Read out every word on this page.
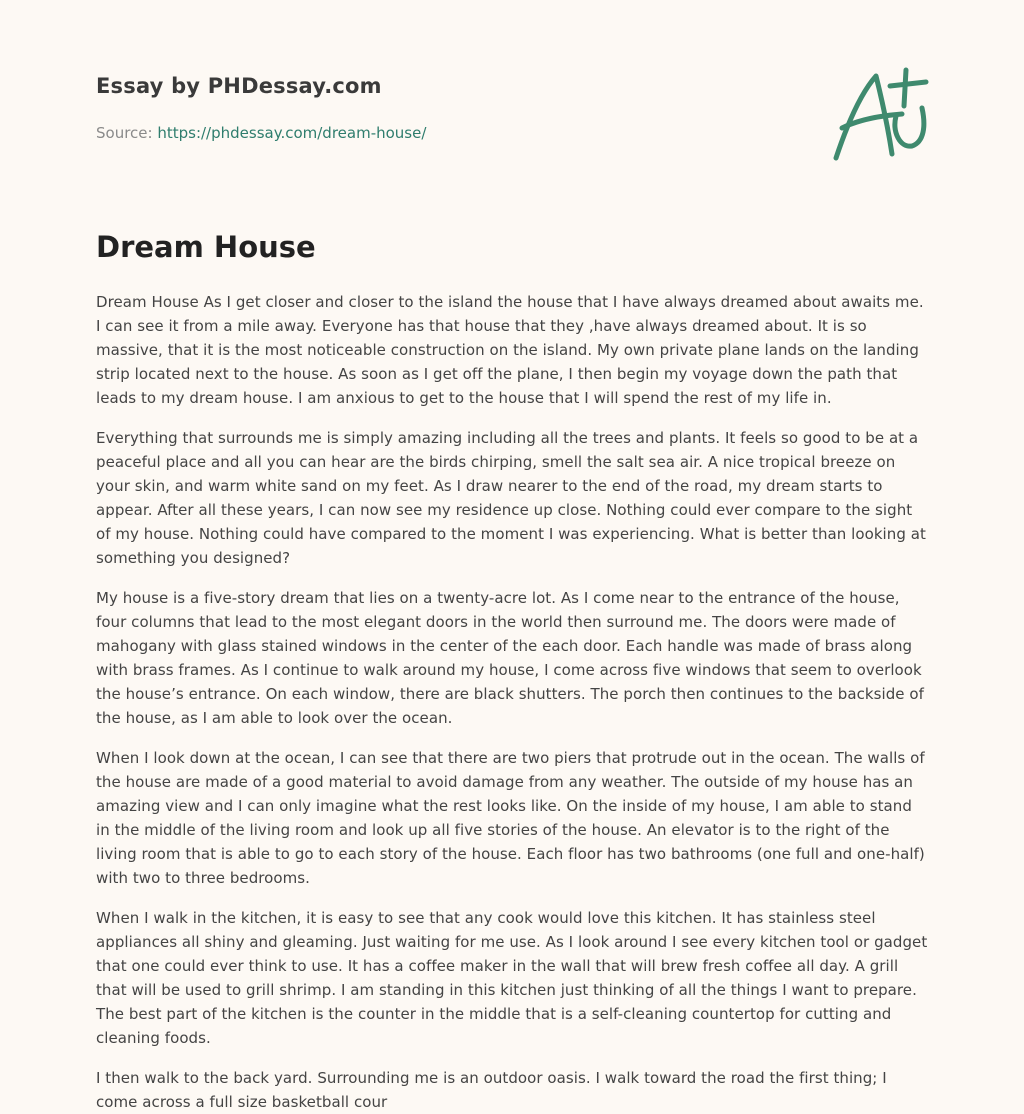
Essay by PHDessay.com
Source: https://phdessay.com/dream-house/
Dream House

Dream House As I get closer and closer to the island the house that I have always dreamed about awaits me. I can see it from a mile away. Everyone has that house that they ,have always dreamed about. It is so massive, that it is the most noticeable construction on the island. My own private plane lands on the landing strip located next to the house. As soon as I get off the plane, I then begin my voyage down the path that leads to my dream house. I am anxious to get to the house that I will spend the rest of my life in.

Everything that surrounds me is simply amazing including all the trees and plants. It feels so good to be at a peaceful place and all you can hear are the birds chirping, smell the salt sea air. A nice tropical breeze on your skin, and warm white sand on my feet. As I draw nearer to the end of the road, my dream starts to appear. After all these years, I can now see my residence up close. Nothing could ever compare to the sight of my house. Nothing could have compared to the moment I was experiencing. What is better than looking at something you designed?

My house is a five-story dream that lies on a twenty-acre lot. As I come near to the entrance of the house, four columns that lead to the most elegant doors in the world then surround me. The doors were made of mahogany with glass stained windows in the center of the each door. Each handle was made of brass along with brass frames. As I continue to walk around my house, I come across five windows that seem to overlook the house’s entrance. On each window, there are black shutters. The porch then continues to the backside of the house, as I am able to look over the ocean.

When I look down at the ocean, I can see that there are two piers that protrude out in the ocean. The walls of the house are made of a good material to avoid damage from any weather. The outside of my house has an amazing view and I can only imagine what the rest looks like. On the inside of my house, I am able to stand in the middle of the living room and look up all five stories of the house. An elevator is to the right of the living room that is able to go to each story of the house. Each floor has two bathrooms (one full and one-half) with two to three bedrooms.

When I walk in the kitchen, it is easy to see that any cook would love this kitchen. It has stainless steel appliances all shiny and gleaming. Just waiting for me use. As I look around I see every kitchen tool or gadget that one could ever think to use. It has a coffee maker in the wall that will brew fresh coffee all day. A grill that will be used to grill shrimp. I am standing in this kitchen just thinking of all the things I want to prepare. The best part of the kitchen is the counter in the middle that is a self-cleaning countertop for cutting and cleaning foods.

I then walk to the back yard. Surrounding me is an outdoor oasis. I walk toward the road the first thing; I come across a full size basketball cour
